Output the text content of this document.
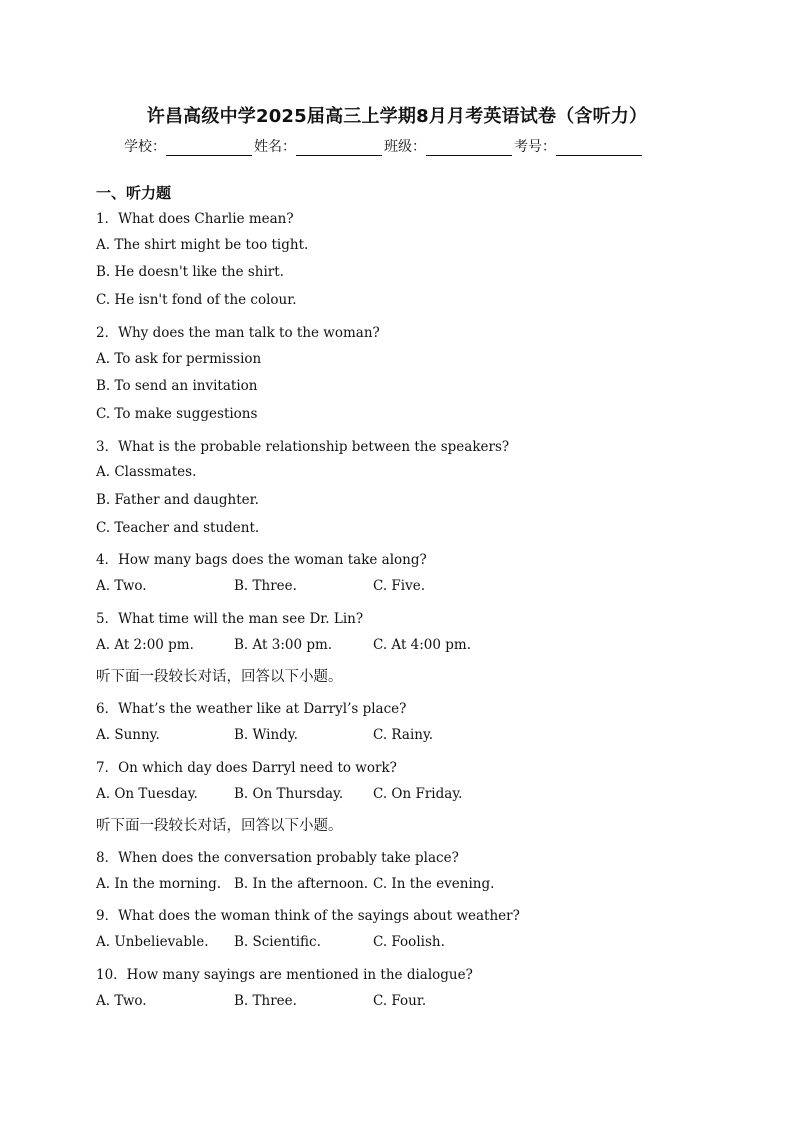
许昌高级中学2025届高三上学期8月月考英语试卷（含听力）
学校：	姓名：	班级：	考号：
一、听力题
1．What does Charlie mean?
A. The shirt might be too tight.
B. He doesn't like the shirt.
C. He isn't fond of the colour.
2．Why does the man talk to the woman?
A. To ask for permission
B. To send an invitation
C. To make suggestions
3．What is the probable relationship between the speakers?
A. Classmates.
B. Father and daughter.
C. Teacher and student.
4．How many bags does the woman take along?
A. Two.	B. Three.	C. Five.
5．What time will the man see Dr. Lin?
A. At 2:00 pm.	B. At 3:00 pm.	C. At 4:00 pm.
听下面一段较长对话，回答以下小题。
6．What’s the weather like at Darryl’s place?
A. Sunny.	B. Windy.	C. Rainy.
7．On which day does Darryl need to work?
A. On Tuesday.	B. On Thursday. C. On Friday.
听下面一段较长对话，回答以下小题。
8．When does the conversation probably take place?
A. In the morning. B. In the afternoon. C. In the evening.
9．What does the woman think of the sayings about weather?
A. Unbelievable. B. Scientific.	C. Foolish.
10．How many sayings are mentioned in the dialogue?
A. Two.	B. Three.	C. Four.
